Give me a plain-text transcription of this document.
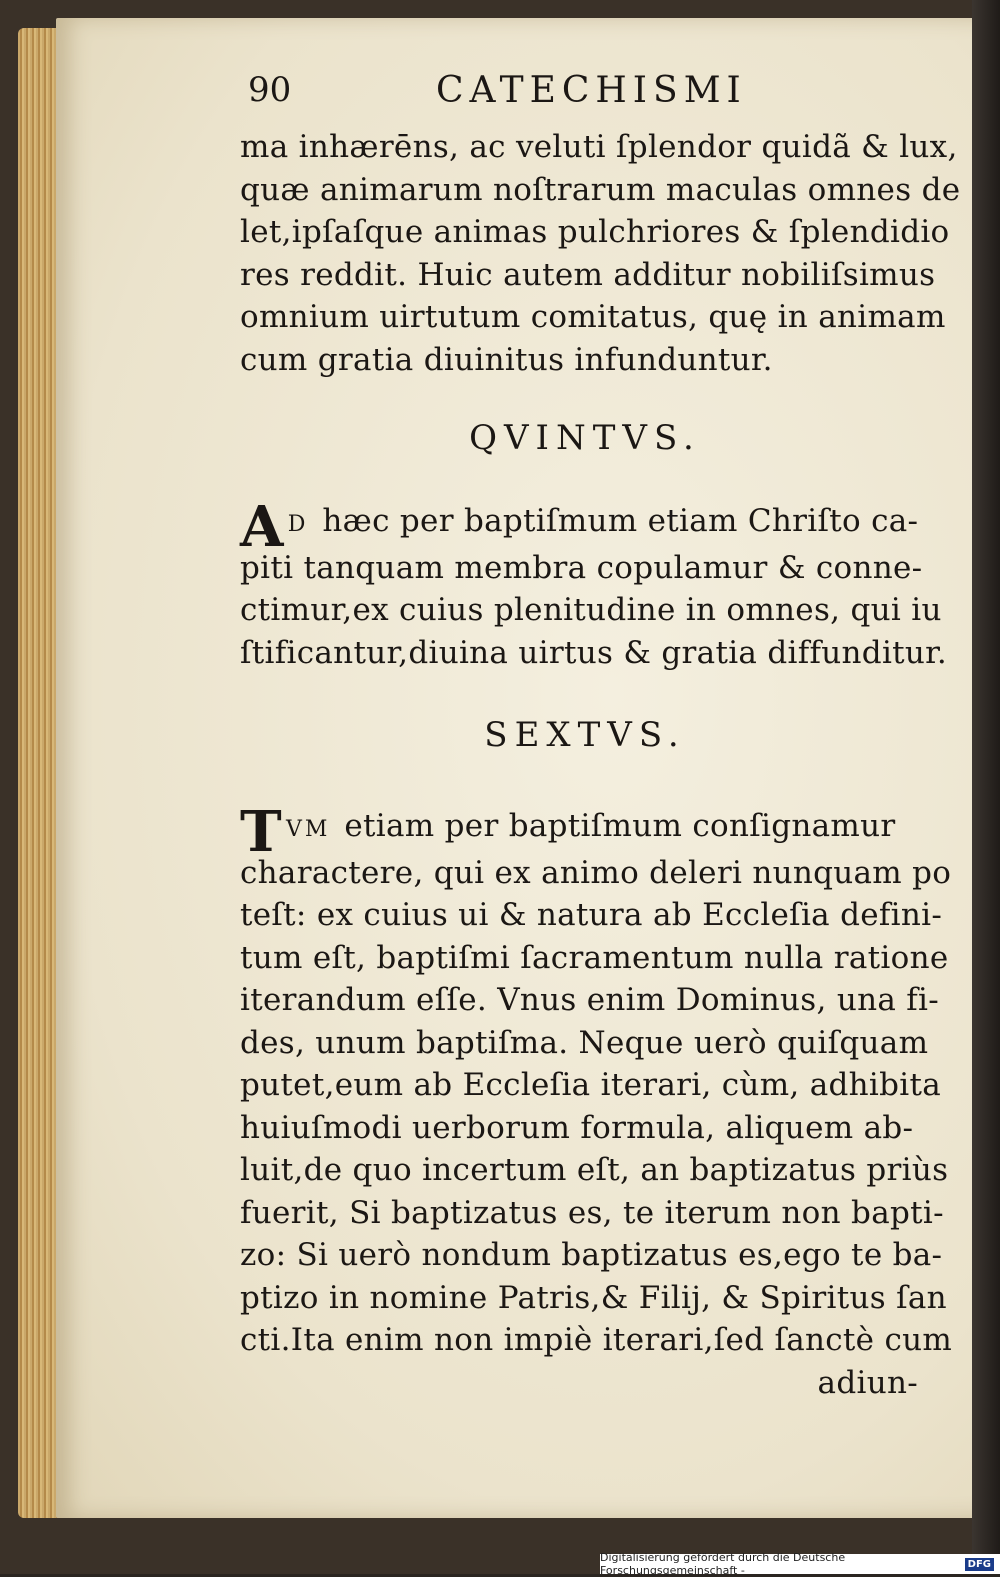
90	CATECHISMI
ma inhærēns, ac veluti ſplendor quidã & lux,
quæ animarum noſtrarum maculas omnes de
let,ipſaſque animas pulchriores & ſplendidio
res reddit. Huic autem additur nobiliſsimus
omnium uirtutum comitatus, quę in animam
cum gratia diuinitus infunduntur.
QVINTVS.
A D hæc per baptiſmum etiam Chriſto ca-
piti tanquam membra copulamur & conne-
ctimur,ex cuius plenitudine in omnes, qui iu
ſtificantur,diuina uirtus & gratia diffunditur.
SEXTVS.
TVM etiam per baptiſmum conſignamur
charactere, qui ex animo deleri nunquam po
teſt: ex cuius ui & natura ab Eccleſia defini-
tum eſt, baptiſmi ſacramentum nulla ratione
iterandum eſſe. Vnus enim Dominus, una fi-
des, unum baptiſma. Neque uerò quiſquam
putet,eum ab Eccleſia iterari, cùm, adhibita
huiuſmodi uerborum formula, aliquem ab-
luit,de quo incertum eſt, an baptizatus priùs
fuerit, Si baptizatus es, te iterum non bapti-
zo: Si uerò nondum baptizatus es,ego te ba-
ptizo in nomine Patris,& Filij, & Spiritus ſan
cti.Ita enim non impiè iterari,ſed ſanctè cum
adiun-
Digitalisierung gefördert durch die Deutsche Forschungsgemeinschaft -	DFG
